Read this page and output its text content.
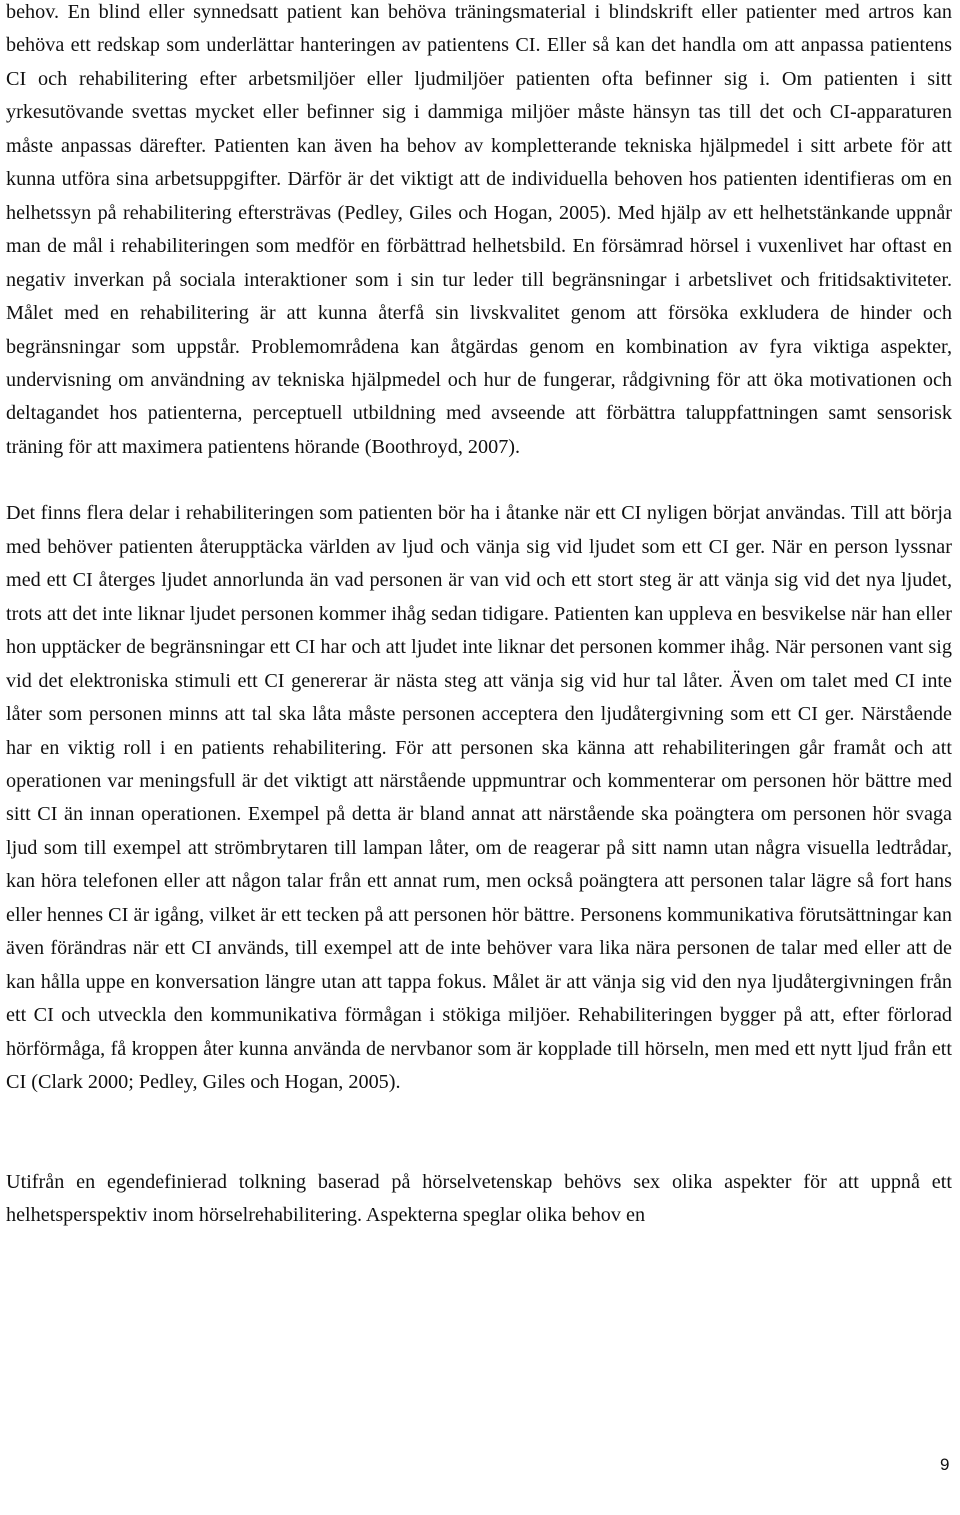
behov. En blind eller synnedsatt patient kan behöva träningsmaterial i blindskrift eller patienter med artros kan behöva ett redskap som underlättar hanteringen av patientens CI. Eller så kan det handla om att anpassa patientens CI och rehabilitering efter arbetsmiljöer eller ljudmiljöer patienten ofta befinner sig i. Om patienten i sitt yrkesutövande svettas mycket eller befinner sig i dammiga miljöer måste hänsyn tas till det och CI-apparaturen måste anpassas därefter. Patienten kan även ha behov av kompletterande tekniska hjälpmedel i sitt arbete för att kunna utföra sina arbetsuppgifter. Därför är det viktigt att de individuella behoven hos patienten identifieras om en helhetssyn på rehabilitering eftersträvas (Pedley, Giles och Hogan, 2005). Med hjälp av ett helhetstänkande uppnår man de mål i rehabiliteringen som medför en förbättrad helhetsbild. En försämrad hörsel i vuxenlivet har oftast en negativ inverkan på sociala interaktioner som i sin tur leder till begränsningar i arbetslivet och fritidsaktiviteter. Målet med en rehabilitering är att kunna återfå sin livskvalitet genom att försöka exkludera de hinder och begränsningar som uppstår. Problemområdena kan åtgärdas genom en kombination av fyra viktiga aspekter, undervisning om användning av tekniska hjälpmedel och hur de fungerar, rådgivning för att öka motivationen och deltagandet hos patienterna, perceptuell utbildning med avseende att förbättra taluppfattningen samt sensorisk träning för att maximera patientens hörande (Boothroyd, 2007).

Det finns flera delar i rehabiliteringen som patienten bör ha i åtanke när ett CI nyligen börjat användas. Till att börja med behöver patienten återupptäcka världen av ljud och vänja sig vid ljudet som ett CI ger. När en person lyssnar med ett CI återges ljudet annorlunda än vad personen är van vid och ett stort steg är att vänja sig vid det nya ljudet, trots att det inte liknar ljudet personen kommer ihåg sedan tidigare. Patienten kan uppleva en besvikelse när han eller hon upptäcker de begränsningar ett CI har och att ljudet inte liknar det personen kommer ihåg. När personen vant sig vid det elektroniska stimuli ett CI genererar är nästa steg att vänja sig vid hur tal låter. Även om talet med CI inte låter som personen minns att tal ska låta måste personen acceptera den ljudåtergivning som ett CI ger. Närstående har en viktig roll i en patients rehabilitering. För att personen ska känna att rehabiliteringen går framåt och att operationen var meningsfull är det viktigt att närstående uppmuntrar och kommenterar om personen hör bättre med sitt CI än innan operationen. Exempel på detta är bland annat att närstående ska poängtera om personen hör svaga ljud som till exempel att strömbrytaren till lampan låter, om de reagerar på sitt namn utan några visuella ledtrådar, kan höra telefonen eller att någon talar från ett annat rum, men också poängtera att personen talar lägre så fort hans eller hennes CI är igång, vilket är ett tecken på att personen hör bättre. Personens kommunikativa förutsättningar kan även förändras när ett CI används, till exempel att de inte behöver vara lika nära personen de talar med eller att de kan hålla uppe en konversation längre utan att tappa fokus. Målet är att vänja sig vid den nya ljudåtergivningen från ett CI och utveckla den kommunikativa förmågan i stökiga miljöer. Rehabiliteringen bygger på att, efter förlorad hörförmåga, få kroppen åter kunna använda de nervbanor som är kopplade till hörseln, men med ett nytt ljud från ett CI (Clark 2000; Pedley, Giles och Hogan, 2005).

Utifrån en egendefinierad tolkning baserad på hörselvetenskap behövs sex olika aspekter för att uppnå ett helhetsperspektiv inom hörselrehabilitering. Aspekterna speglar olika behov en

9
